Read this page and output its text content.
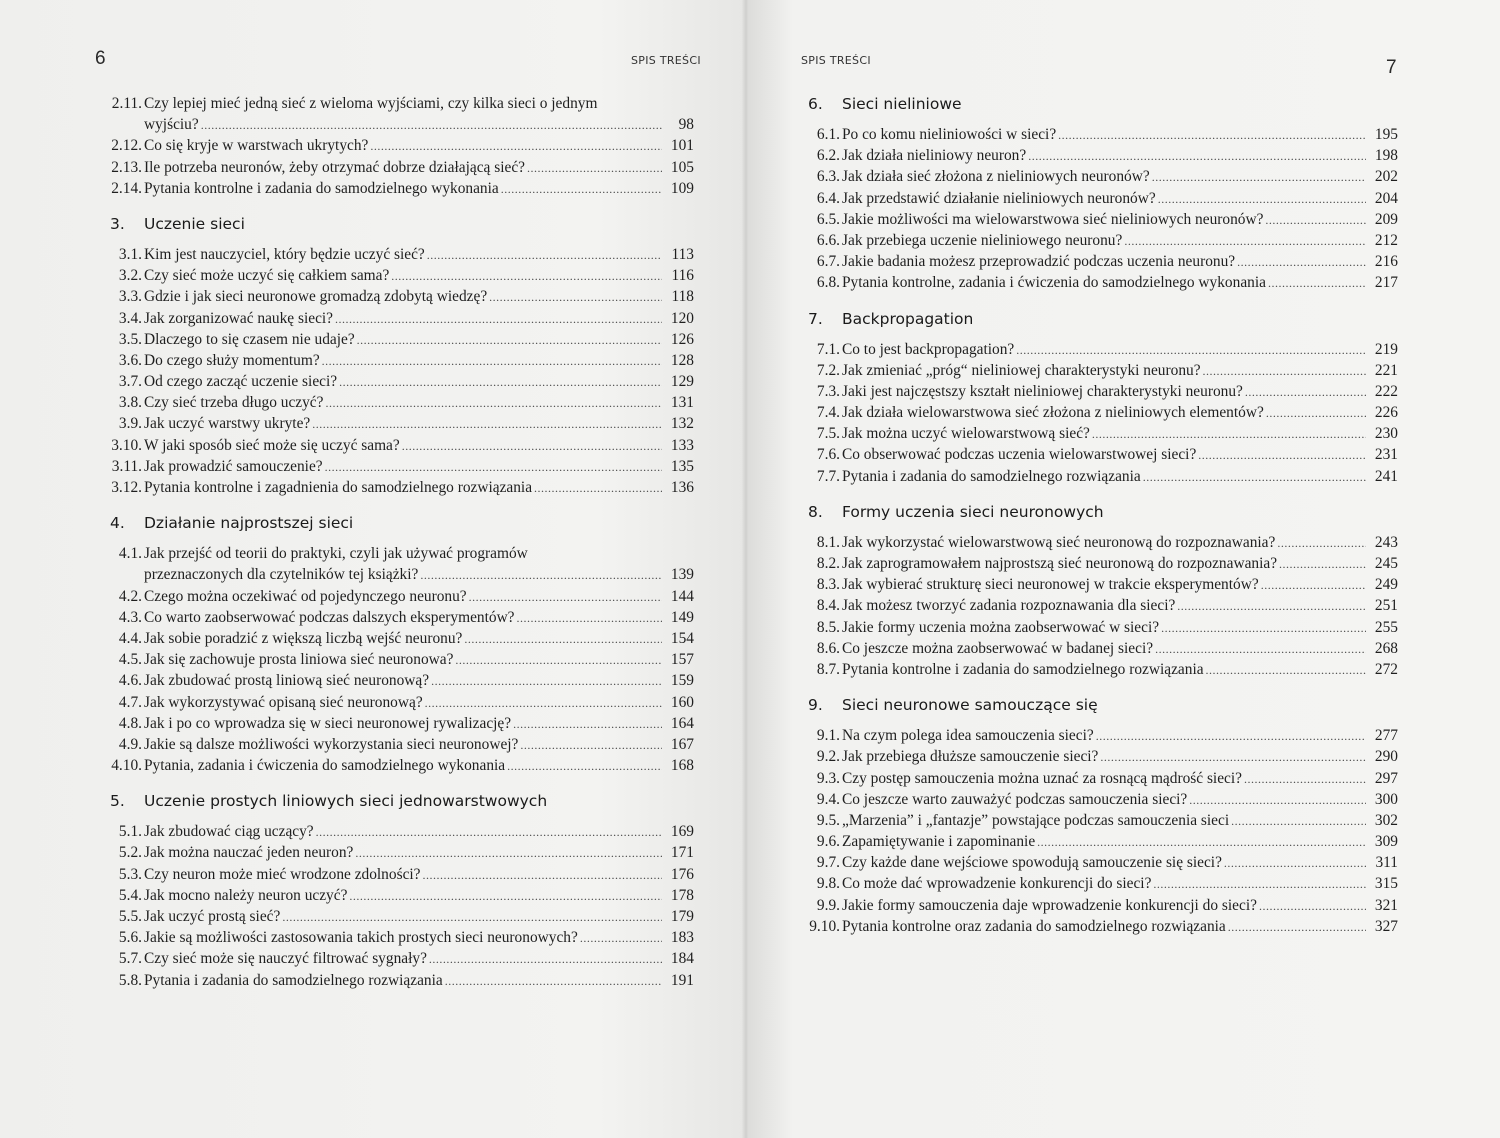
6	SPIS TREŚCI
2.11. Czy lepiej mieć jedną sieć z wieloma wyjściami, czy kilka sieci o jednym
wyjściu? .....	98
2.12. Co się kryje w warstwach ukrytych? .....	101
2.13. Ile potrzeba neuronów, żeby otrzymać dobrze działającą sieć? .....	105
2.14. Pytania kontrolne i zadania do samodzielnego wykonania .....	109
3. Uczenie sieci
3.1. Kim jest nauczyciel, który będzie uczyć sieć? .....	113
3.2. Czy sieć może uczyć się całkiem sama? .....	116
3.3. Gdzie i jak sieci neuronowe gromadzą zdobytą wiedzę? .....	118
3.4. Jak zorganizować naukę sieci? .....	120
3.5. Dlaczego to się czasem nie udaje? .....	126
3.6. Do czego służy momentum? .....	128
3.7. Od czego zacząć uczenie sieci? .....	129
3.8. Czy sieć trzeba długo uczyć? .....	131
3.9. Jak uczyć warstwy ukryte? .....	132
3.10. W jaki sposób sieć może się uczyć sama? .....	133
3.11. Jak prowadzić samouczenie? .....	135
3.12. Pytania kontrolne i zagadnienia do samodzielnego rozwiązania .....	136
4. Działanie najprostszej sieci
4.1. Jak przejść od teorii do praktyki, czyli jak używać programów
przeznaczonych dla czytelników tej książki? .....	139
4.2. Czego można oczekiwać od pojedynczego neuronu? .....	144
4.3. Co warto zaobserwować podczas dalszych eksperymentów? .....	149
4.4. Jak sobie poradzić z większą liczbą wejść neuronu? .....	154
4.5. Jak się zachowuje prosta liniowa sieć neuronowa? .....	157
4.6. Jak zbudować prostą liniową sieć neuronową? .....	159
4.7. Jak wykorzystywać opisaną sieć neuronową? .....	160
4.8. Jak i po co wprowadza się w sieci neuronowej rywalizację? .....	164
4.9. Jakie są dalsze możliwości wykorzystania sieci neuronowej? .....	167
4.10. Pytania, zadania i ćwiczenia do samodzielnego wykonania .....	168
5. Uczenie prostych liniowych sieci jednowarstwowych
5.1. Jak zbudować ciąg uczący? .....	169
5.2. Jak można nauczać jeden neuron? .....	171
5.3. Czy neuron może mieć wrodzone zdolności? .....	176
5.4. Jak mocno należy neuron uczyć? .....	178
5.5. Jak uczyć prostą sieć? .....	179
5.6. Jakie są możliwości zastosowania takich prostych sieci neuronowych? .....	183
5.7. Czy sieć może się nauczyć filtrować sygnały? .....	184
5.8. Pytania i zadania do samodzielnego rozwiązania .....	191
SPIS TREŚCI	7
6. Sieci nieliniowe
6.1. Po co komu nieliniowości w sieci? .....	195
6.2. Jak działa nieliniowy neuron? .....	198
6.3. Jak działa sieć złożona z nieliniowych neuronów? .....	202
6.4. Jak przedstawić działanie nieliniowych neuronów? .....	204
6.5. Jakie możliwości ma wielowarstwowa sieć nieliniowych neuronów? .....	209
6.6. Jak przebiega uczenie nieliniowego neuronu? .....	212
6.7. Jakie badania możesz przeprowadzić podczas uczenia neuronu? .....	216
6.8. Pytania kontrolne, zadania i ćwiczenia do samodzielnego wykonania .....	217
7. Backpropagation
7.1. Co to jest backpropagation? .....	219
7.2. Jak zmieniać „próg“ nieliniowej charakterystyki neuronu? .....	221
7.3. Jaki jest najczęstszy kształt nieliniowej charakterystyki neuronu? .....	222
7.4. Jak działa wielowarstwowa sieć złożona z nieliniowych elementów? .....	226
7.5. Jak można uczyć wielowarstwową sieć? .....	230
7.6. Co obserwować podczas uczenia wielowarstwowej sieci? .....	231
7.7. Pytania i zadania do samodzielnego rozwiązania .....	241
8. Formy uczenia sieci neuronowych
8.1. Jak wykorzystać wielowarstwową sieć neuronową do rozpoznawania? .....	243
8.2. Jak zaprogramowałem najprostszą sieć neuronową do rozpoznawania? .....	245
8.3. Jak wybierać strukturę sieci neuronowej w trakcie eksperymentów? .....	249
8.4. Jak możesz tworzyć zadania rozpoznawania dla sieci? .....	251
8.5. Jakie formy uczenia można zaobserwować w sieci? .....	255
8.6. Co jeszcze można zaobserwować w badanej sieci? .....	268
8.7. Pytania kontrolne i zadania do samodzielnego rozwiązania .....	272
9. Sieci neuronowe samouczące się
9.1. Na czym polega idea samouczenia sieci? .....	277
9.2. Jak przebiega dłuższe samouczenie sieci? .....	290
9.3. Czy postęp samouczenia można uznać za rosnącą mądrość sieci? .....	297
9.4. Co jeszcze warto zauważyć podczas samouczenia sieci? .....	300
9.5. „Marzenia” i „fantazje” powstające podczas samouczenia sieci .....	302
9.6. Zapamiętywanie i zapominanie .....	309
9.7. Czy każde dane wejściowe spowodują samouczenie się sieci? .....	311
9.8. Co może dać wprowadzenie konkurencji do sieci? .....	315
9.9. Jakie formy samouczenia daje wprowadzenie konkurencji do sieci? .....	321
9.10. Pytania kontrolne oraz zadania do samodzielnego rozwiązania .....	327
